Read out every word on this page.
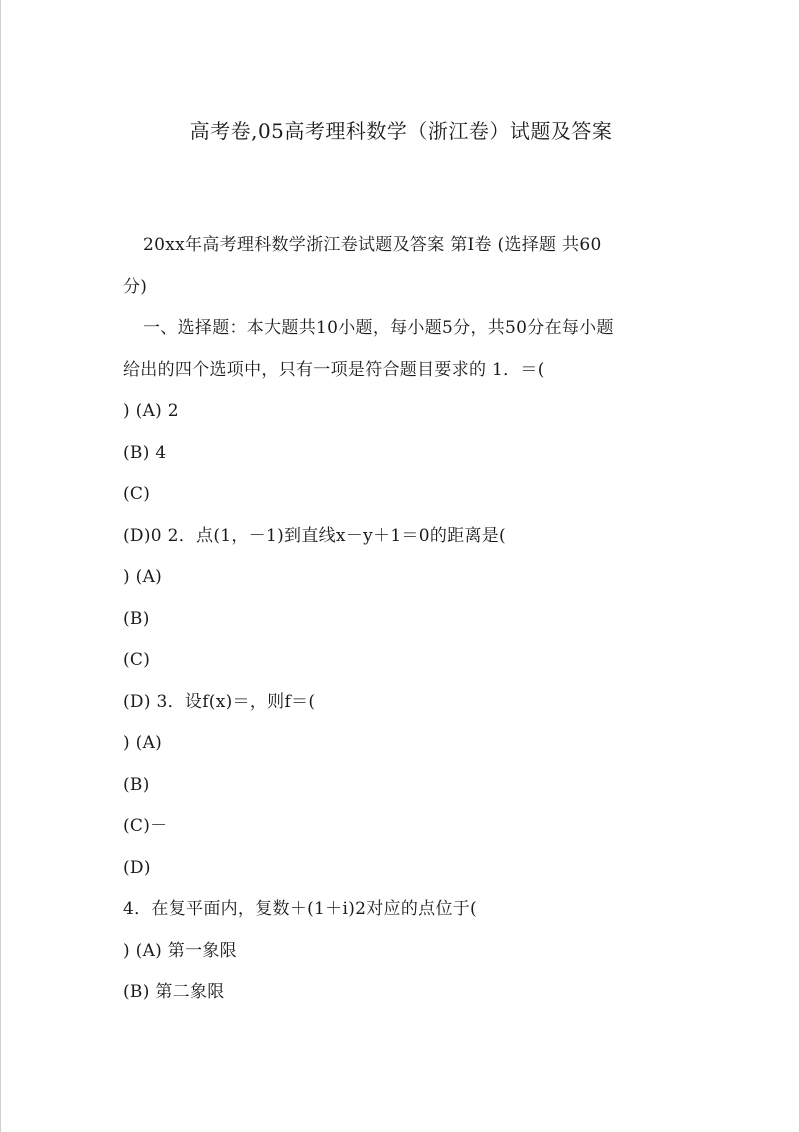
高考卷,05高考理科数学（浙江卷）试题及答案
20xx年高考理科数学浙江卷试题及答案 第Ⅰ卷 (选择题 共60
分)
一、选择题：本大题共10小题，每小题5分，共50分在每小题
给出的四个选项中，只有一项是符合题目要求的 1．＝(
) (A) 2
(B) 4
(C)
(D)0 2．点(1，－1)到直线x－y＋1＝0的距离是(
) (A)
(B)
(C)
(D) 3．设f(x)＝，则f＝(
) (A)
(B)
(C)－
(D)
4．在复平面内，复数＋(1＋i)2对应的点位于(
) (A) 第一象限
(B) 第二象限
